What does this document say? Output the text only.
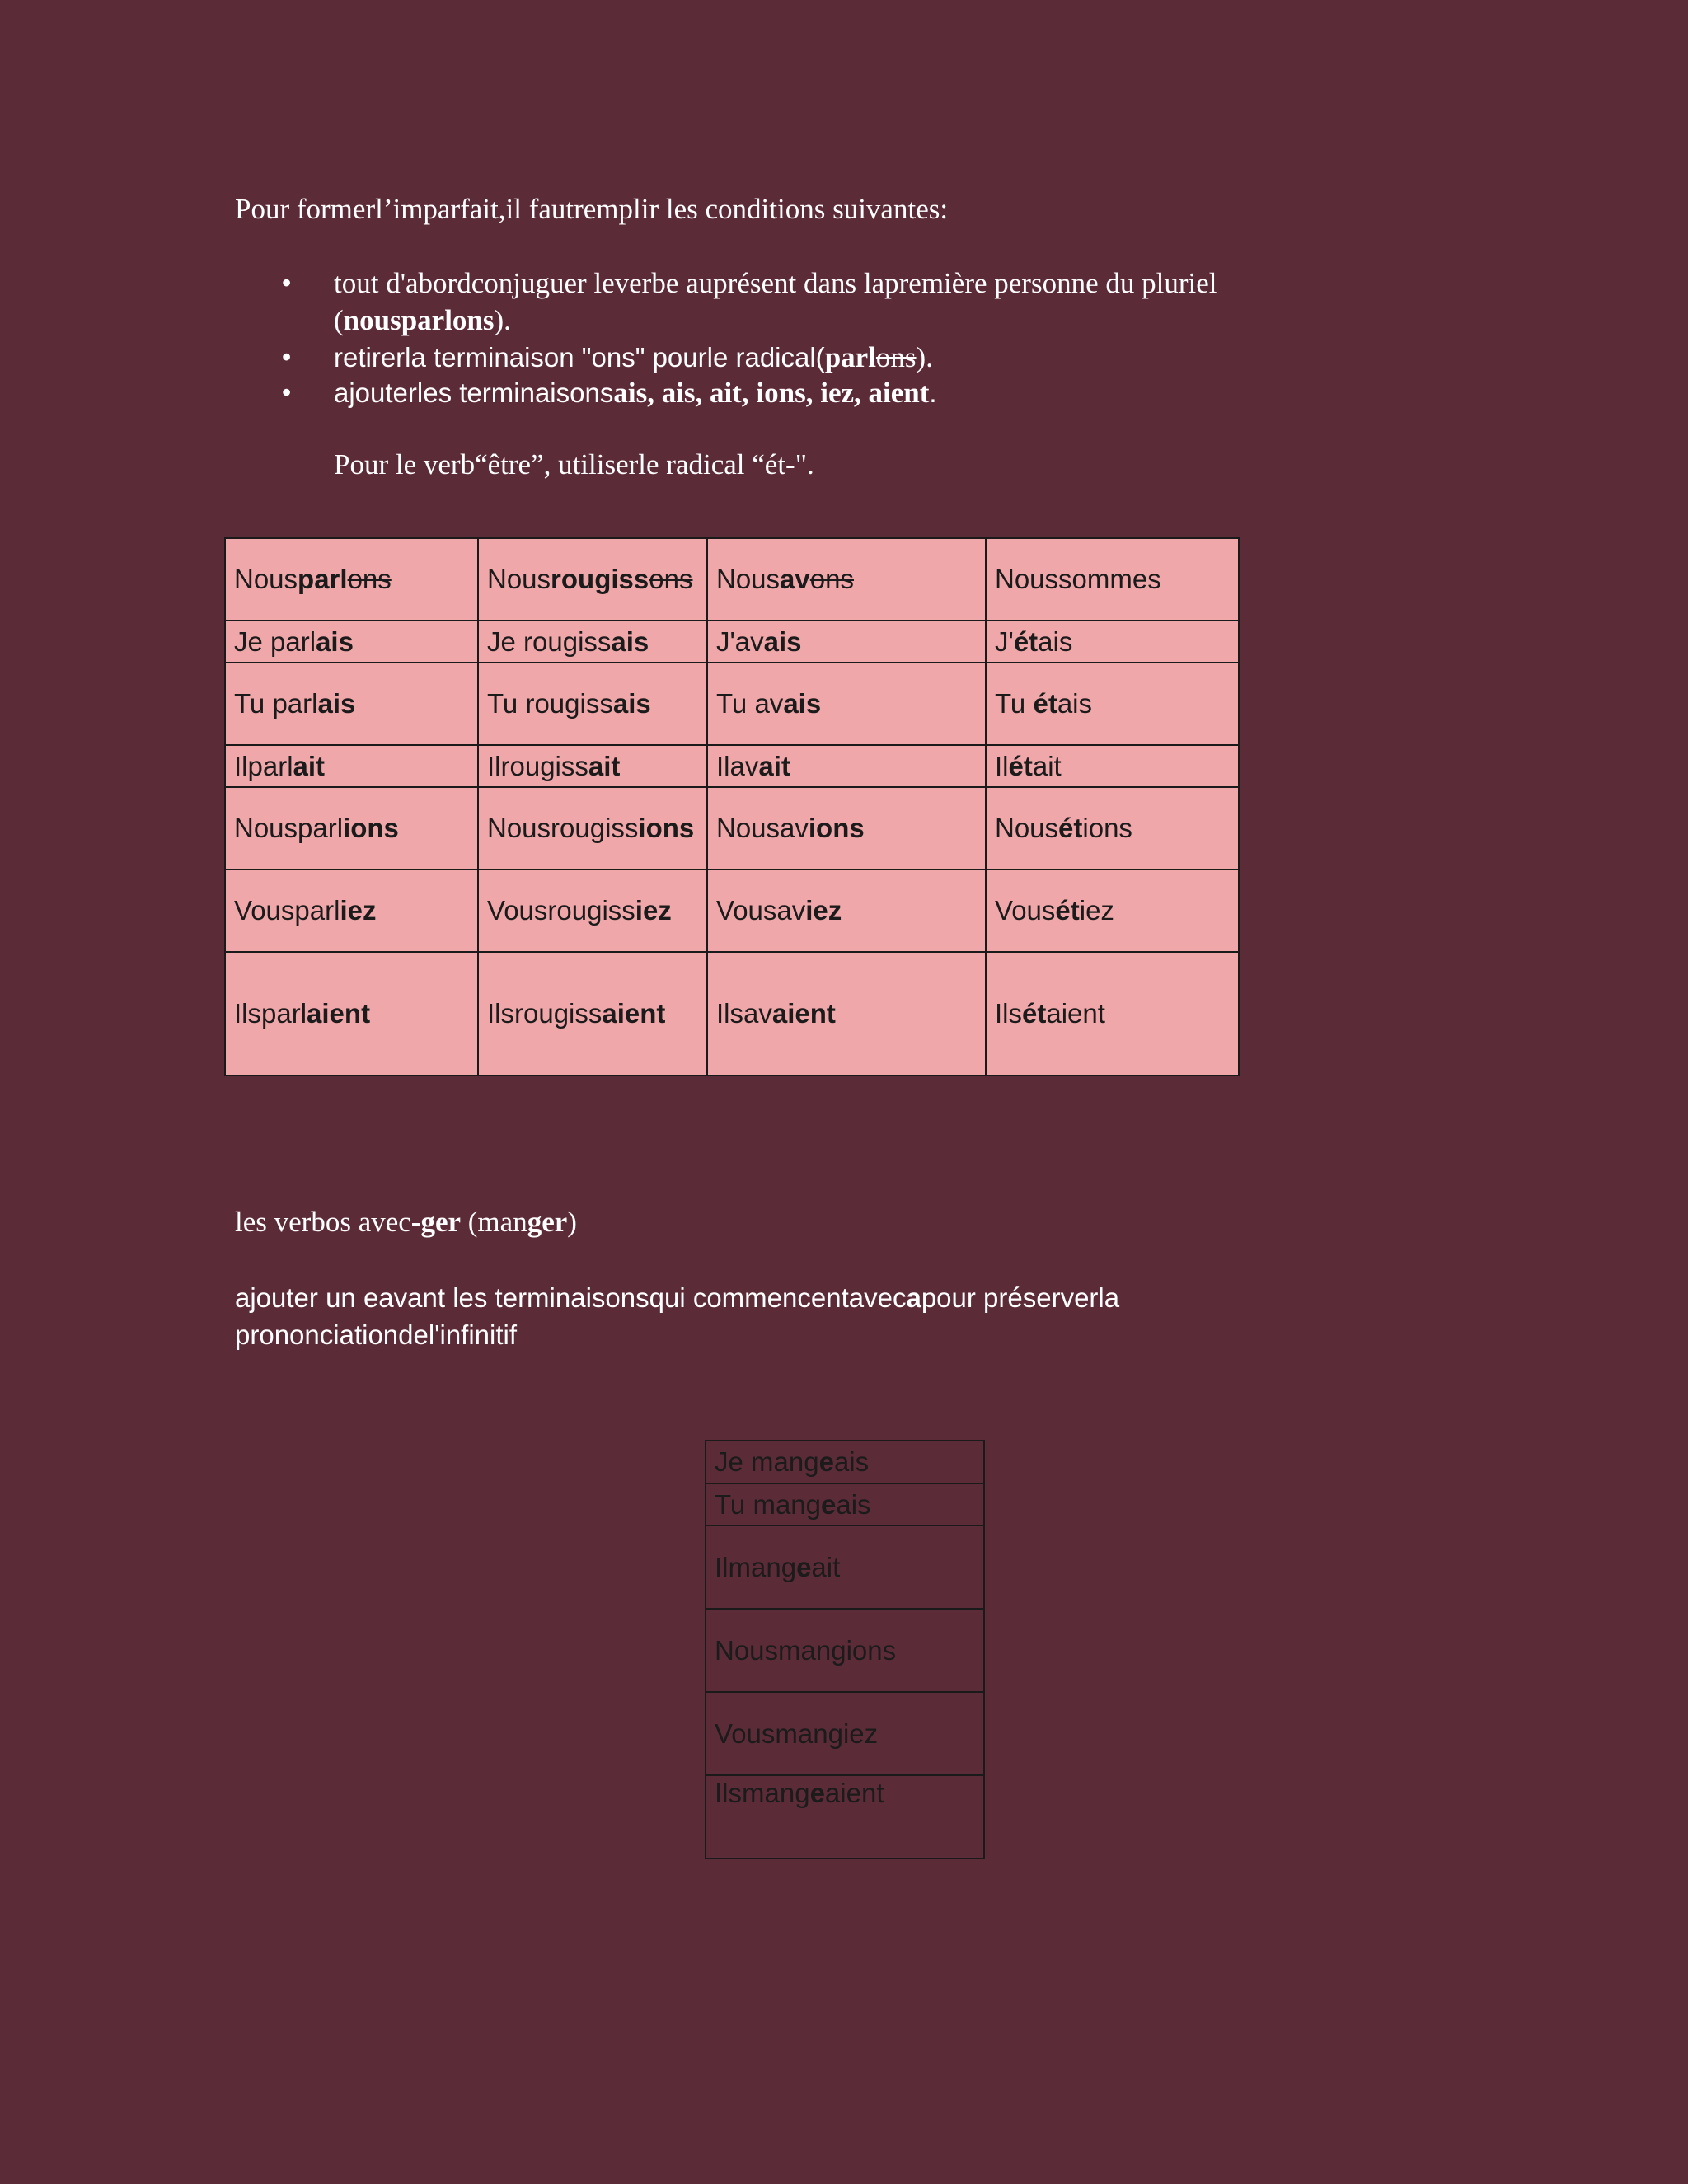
Pour formerl’imparfait,il fautremplir les conditions suivantes:

• tout d'abordconjuguer leverbe auprésent dans lapremière personne du pluriel
(nousparlons).
• retirerla terminaison "ons" pourle radical(parlons).
• ajouterles terminaisonsais, ais, ait, ions, iez, aient.

Pour le verb“être”, utiliserle radical “ét-".

Nousparlons	Nousrougissons	Nousavons	Noussommes
Je parlais	Je rougissais	J'avais	J'étais
Tu parlais	Tu rougissais	Tu avais	Tu étais
Ilparlait	Ilrougissait	Ilavait	Ilétait
Nousparlions	Nousrougissions	Nousavions	Nousétions
Vousparliez	Vousrougissiez	Vousaviez	Vousétiez
Ilsparlaient	Ilsrougissaient	Ilsavaient	Ilsétaient

les verbos avec-ger (manger)

ajouter un eavant les terminaisonsqui commencentavecapour préserverla prononciationdel'infinitif

Je mangeais
Tu mangeais
Ilmangeait
Nousmangions
Vousmangiez
Ilsmangeaient
